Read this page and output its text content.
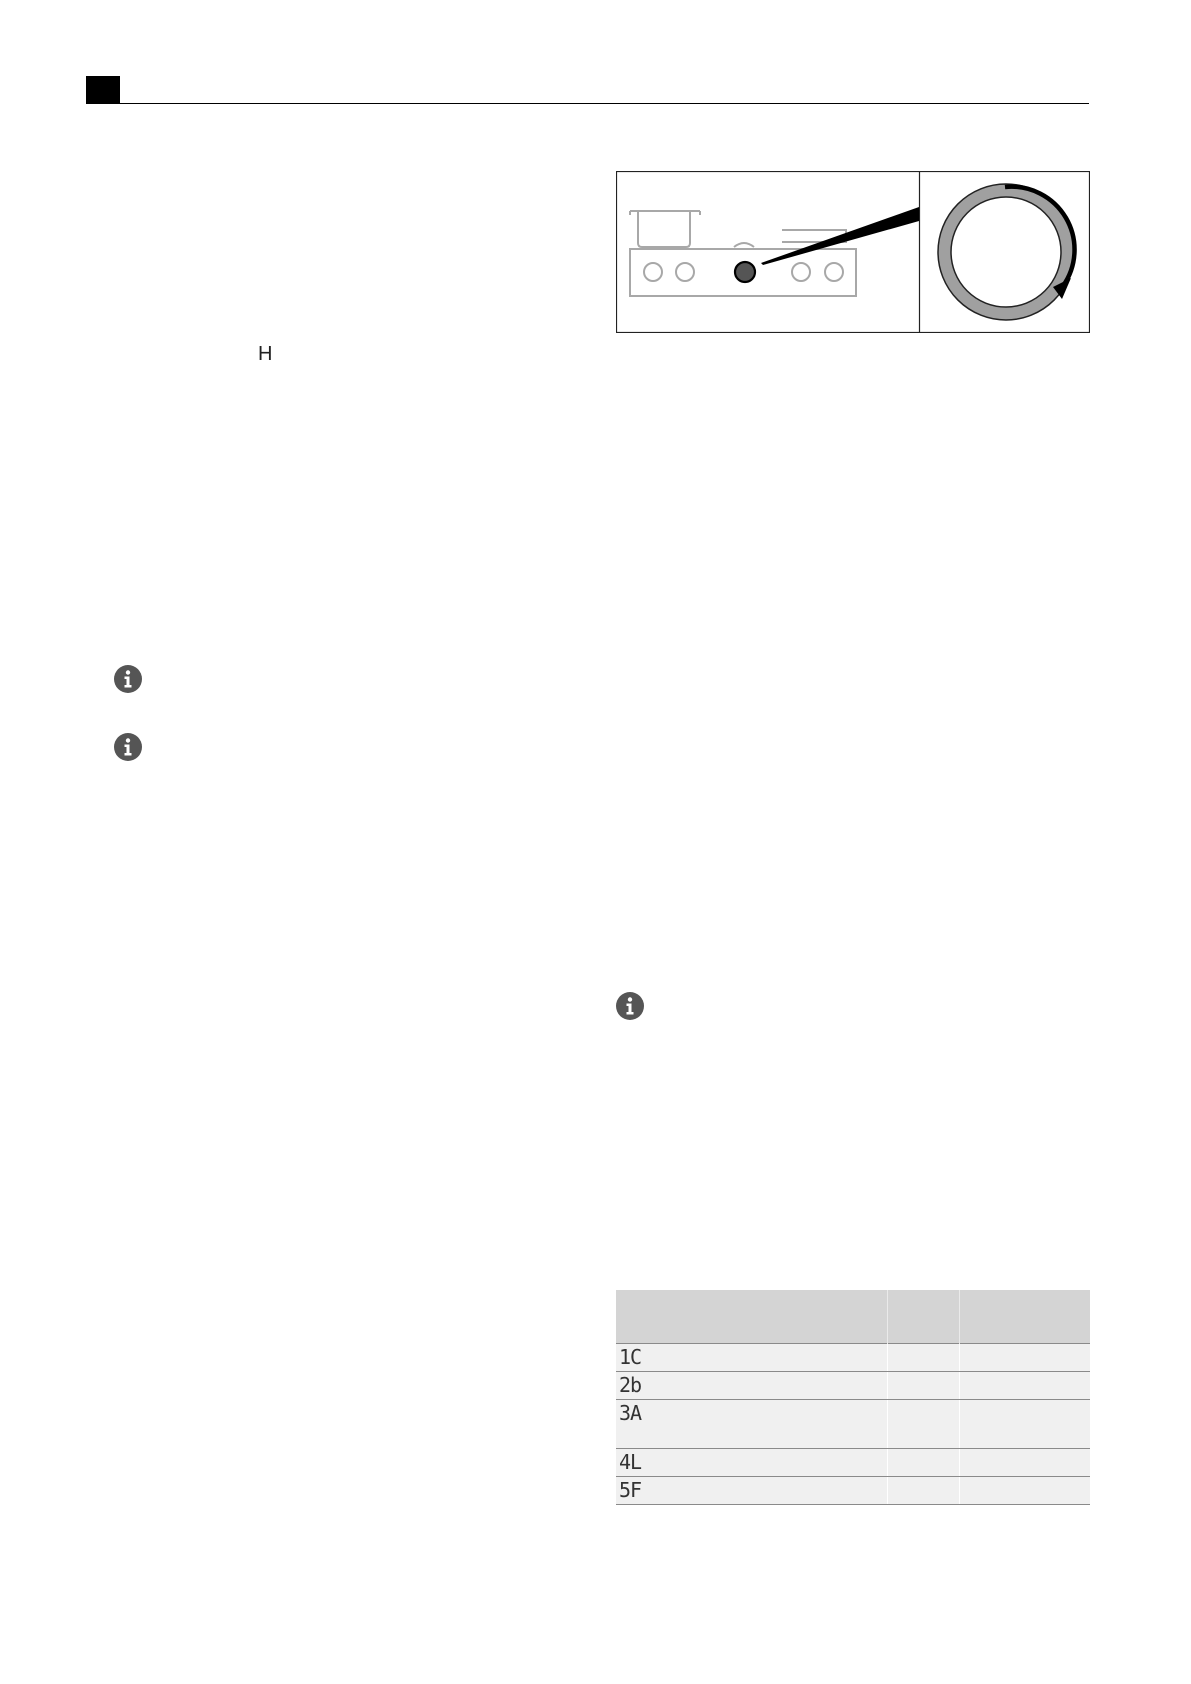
H

1C		
2b		
3A		
4L		
5F		
